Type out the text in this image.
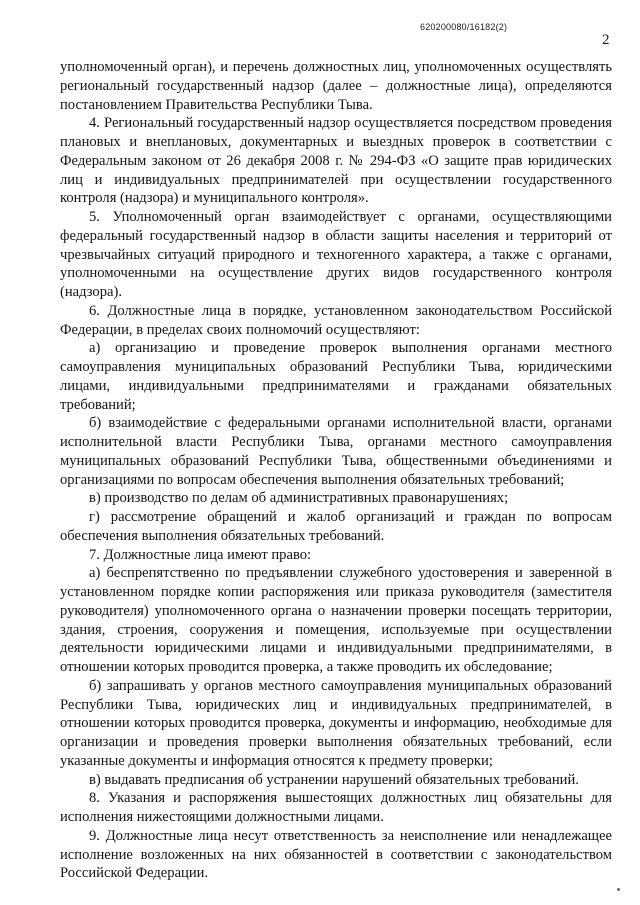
620200080/16182(2)
2

уполномоченный орган), и перечень должностных лиц, уполномоченных осуществлять региональный государственный надзор (далее – должностные лица), определяются постановлением Правительства Республики Тыва.

4. Региональный государственный надзор осуществляется посредством проведения плановых и внеплановых, документарных и выездных проверок в соответствии с Федеральным законом от 26 декабря 2008 г. № 294-ФЗ «О защите прав юридических лиц и индивидуальных предпринимателей при осуществлении государственного контроля (надзора) и муниципального контроля».

5. Уполномоченный орган взаимодействует с органами, осуществляющими федеральный государственный надзор в области защиты населения и территорий от чрезвычайных ситуаций природного и техногенного характера, а также с органами, уполномоченными на осуществление других видов государственного контроля (надзора).

6. Должностные лица в порядке, установленном законодательством Российской Федерации, в пределах своих полномочий осуществляют:

а) организацию и проведение проверок выполнения органами местного самоуправления муниципальных образований Республики Тыва, юридическими лицами, индивидуальными предпринимателями и гражданами обязательных требований;

б) взаимодействие с федеральными органами исполнительной власти, органами исполнительной власти Республики Тыва, органами местного самоуправления муниципальных образований Республики Тыва, общественными объединениями и организациями по вопросам обеспечения выполнения обязательных требований;

в) производство по делам об административных правонарушениях;

г) рассмотрение обращений и жалоб организаций и граждан по вопросам обеспечения выполнения обязательных требований.

7. Должностные лица имеют право:

а) беспрепятственно по предъявлении служебного удостоверения и заверенной в установленном порядке копии распоряжения или приказа руководителя (заместителя руководителя) уполномоченного органа о назначении проверки посещать территории, здания, строения, сооружения и помещения, используемые при осуществлении деятельности юридическими лицами и индивидуальными предпринимателями, в отношении которых проводится проверка, а также проводить их обследование;

б) запрашивать у органов местного самоуправления муниципальных образований Республики Тыва, юридических лиц и индивидуальных предпринимателей, в отношении которых проводится проверка, документы и информацию, необходимые для организации и проведения проверки выполнения обязательных требований, если указанные документы и информация относятся к предмету проверки;

в) выдавать предписания об устранении нарушений обязательных требований.

8. Указания и распоряжения вышестоящих должностных лиц обязательны для исполнения нижестоящими должностными лицами.

9. Должностные лица несут ответственность за неисполнение или ненадлежащее исполнение возложенных на них обязанностей в соответствии с законодательством Российской Федерации.
